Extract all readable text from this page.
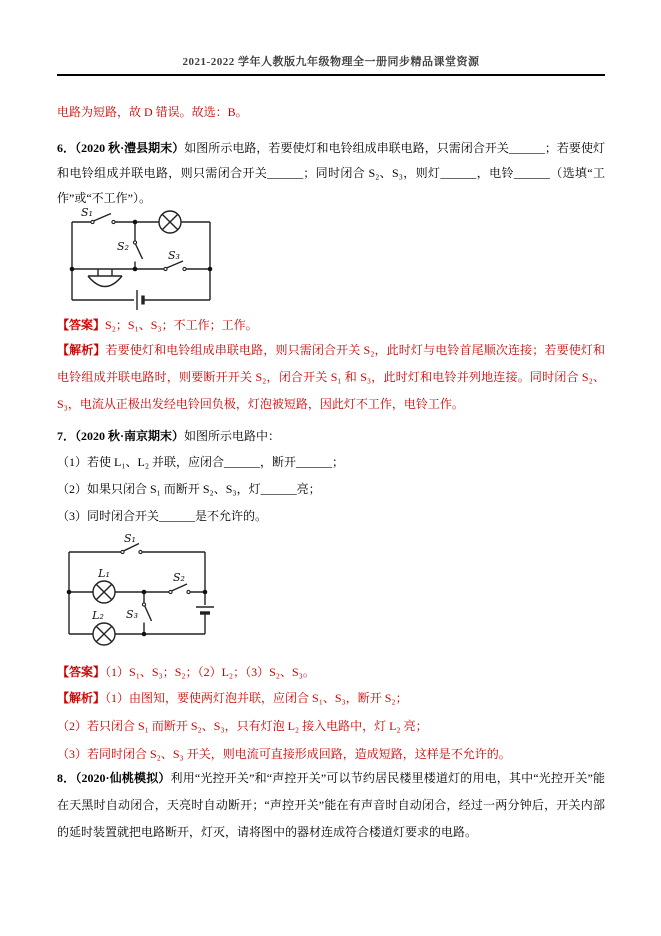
2021-2022 学年人教版九年级物理全一册同步精品课堂资源

电路为短路，故 D 错误。故选：B。

6．（2020 秋·澧县期末）如图所示电路，若要使灯和电铃组成串联电路，只需闭合开关______；若要使灯和电铃组成并联电路，则只需闭合开关______；同时闭合 S₂、S₃，则灯______，电铃______（选填“工作”或“不工作”）。

S₁
S₂
S₃

【答案】S₂；S₁、S₃；不工作；工作。

【解析】若要使灯和电铃组成串联电路，则只需闭合开关 S₂，此时灯与电铃首尾顺次连接；若要使灯和电铃组成并联电路时，则要断开开关 S₂，闭合开关 S₁ 和 S₃，此时灯和电铃并列地连接。同时闭合 S₂、S₃，电流从正极出发经电铃回负极，灯泡被短路，因此灯不工作，电铃工作。

7．（2020 秋·南京期末）如图所示电路中：

（1）若使 L₁、L₂ 并联，应闭合______，断开______；

（2）如果只闭合 S₁ 而断开 S₂、S₃，灯______亮；

（3）同时闭合开关______是不允许的。

S₁
L₁	S₂
S₃
L₂

【答案】（1）S₁、S₃；S₂；（2）L₂；（3）S₂、S₃。

【解析】（1）由图知，要使两灯泡并联，应闭合 S₁、S₃，断开 S₂；

（2）若只闭合 S₁ 而断开 S₂、S₃，只有灯泡 L₂ 接入电路中，灯 L₂ 亮；

（3）若同时闭合 S₂、S₃ 开关，则电流可直接形成回路，造成短路，这样是不允许的。

8．（2020·仙桃模拟）利用“光控开关”和“声控开关”可以节约居民楼里楼道灯的用电，其中“光控开关”能在天黑时自动闭合，天亮时自动断开；“声控开关”能在有声音时自动闭合，经过一两分钟后，开关内部的延时装置就把电路断开，灯灭，请将图中的器材连成符合楼道灯要求的电路。
